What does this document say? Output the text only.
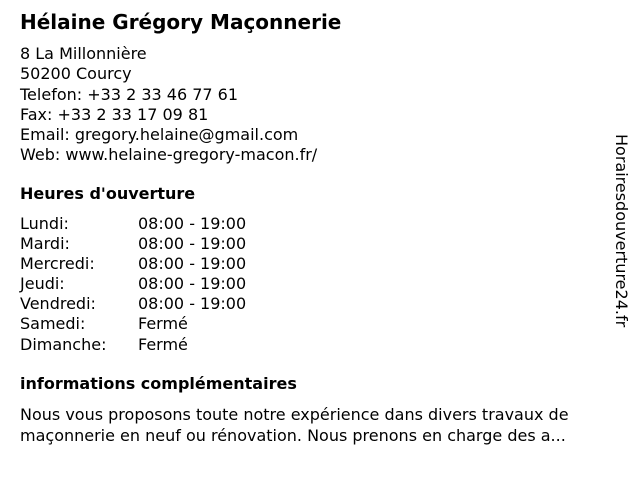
Hélaine Grégory Maçonnerie
8 La Millonnière
50200 Courcy
Telefon: +33 2 33 46 77 61
Fax: +33 2 33 17 09 81
Email: gregory.helaine@gmail.com
Web: www.helaine-gregory-macon.fr/
Heures d'ouverture
Lundi:	08:00 - 19:00
Mardi:	08:00 - 19:00
Mercredi:	08:00 - 19:00
Jeudi:	08:00 - 19:00
Vendredi:	08:00 - 19:00
Samedi:	Fermé
Dimanche:	Fermé
informations complémentaires
Nous vous proposons toute notre expérience dans divers travaux de
maçonnerie en neuf ou rénovation. Nous prenons en charge des a...
Horairesdouverture24.fr
